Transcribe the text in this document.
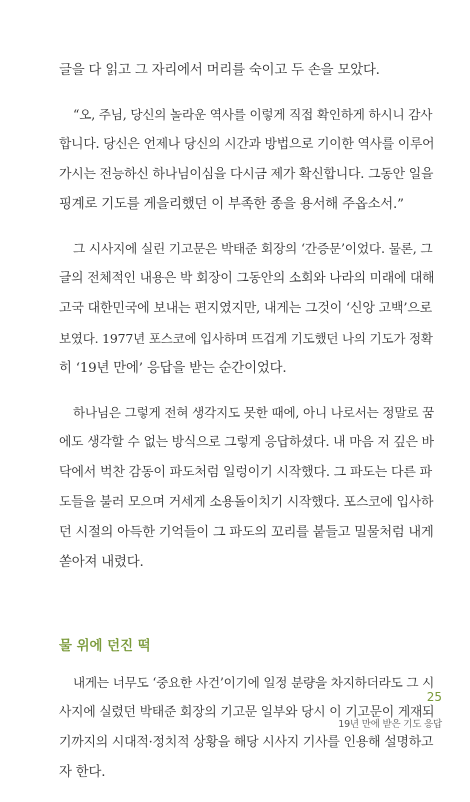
글을 다 읽고 그 자리에서 머리를 숙이고 두 손을 모았다.

“오, 주님, 당신의 놀라운 역사를 이렇게 직접 확인하게 하시니 감사
합니다. 당신은 언제나 당신의 시간과 방법으로 기이한 역사를 이루어
가시는 전능하신 하나님이심을 다시금 제가 확신합니다. 그동안 일을
핑계로 기도를 게을리했던 이 부족한 종을 용서해 주옵소서.”

그 시사지에 실린 기고문은 박태준 회장의 ‘간증문’이었다. 물론, 그
글의 전체적인 내용은 박 회장이 그동안의 소회와 나라의 미래에 대해
고국 대한민국에 보내는 편지였지만, 내게는 그것이 ‘신앙 고백’으로
보였다. 1977년 포스코에 입사하며 뜨겁게 기도했던 나의 기도가 정확
히 ‘19년 만에’ 응답을 받는 순간이었다.

하나님은 그렇게 전혀 생각지도 못한 때에, 아니 나로서는 정말로 꿈
에도 생각할 수 없는 방식으로 그렇게 응답하셨다. 내 마음 저 깊은 바
닥에서 벅찬 감동이 파도처럼 일렁이기 시작했다. 그 파도는 다른 파
도들을 불러 모으며 거세게 소용돌이치기 시작했다. 포스코에 입사하
던 시절의 아득한 기억들이 그 파도의 꼬리를 붙들고 밀물처럼 내게
쏟아져 내렸다.

물 위에 던진 떡

내게는 너무도 ‘중요한 사건’이기에 일정 분량을 차지하더라도 그 시
사지에 실렸던 박태준 회장의 기고문 일부와 당시 이 기고문이 게재되
기까지의 시대적·정치적 상황을 해당 시사지 기사를 인용해 설명하고
자 한다.

25
19년 만에 받은 기도 응답
